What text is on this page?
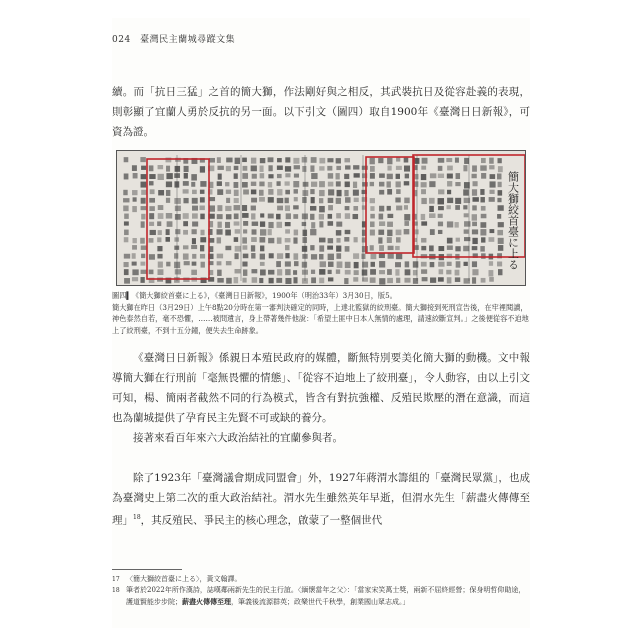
024 臺灣民主蘭城尋蹤文集

續。而「抗日三猛」之首的簡大獅，作法剛好與之相反，其武裝抗日及從容赴義的表現，則彰顯了宜蘭人勇於反抗的另一面。以下引文（圖四）取自1900年《臺灣日日新報》，可資為證。

簡大獅絞首臺に上る

圖四▍《簡大獅絞首臺に上る》，《臺灣日日新報》，1900年（明治33年）3月30日，版5。
簡大獅在昨日（3月29日）上午8點20分時在第一審判決確定的同時，上達北監獄的絞刑臺。簡大獅接到死刑宣告後，在牢裡閱讀，神色泰然自若，毫不恐懼，……被問遺言，身上帶著幾件他說：「希望土匪中日本人無情的處理，請速絞斷宣判。」之後便從容不迫地上了絞刑臺，不到十五分鐘，便失去生命跡象。

《臺灣日日新報》係親日本殖民政府的媒體，斷無特別要美化簡大獅的動機。文中報導簡大獅在行刑前「毫無畏懼的情態」、「從容不迫地上了絞刑臺」，令人動容，由以上引文可知，楊、簡兩者截然不同的行為模式，皆含有對抗強權、反殖民欺壓的潛在意識，而這也為蘭城提供了孕育民主先賢不可或缺的養分。

接著來看百年來六大政治結社的宜蘭參與者。

除了1923年「臺灣議會期成同盟會」外，1927年蔣渭水籌組的「臺灣民眾黨」，也成為臺灣史上第二次的重大政治結社。渭水先生雖然英年早逝，但渭水先生「薪盡火傳傳至理」$^{18}$，其反殖民、爭民主的核心理念，啟蒙了一整個世代

17 〈簡大獅絞首臺に上る〉，黃文翰譯。
18 筆者於2022年所作漢詩，誌嘆鄰兩新先生的民主行誼。〈緬懷當年之父〉：「當家宋笑萬士獎，兩新不屈終經營；保身明哲仰勛途，護道賢能步步院；薪盡火傳傳至理，筆義後流源群英；政樂世代千秋學，創業國山眾志成。」
